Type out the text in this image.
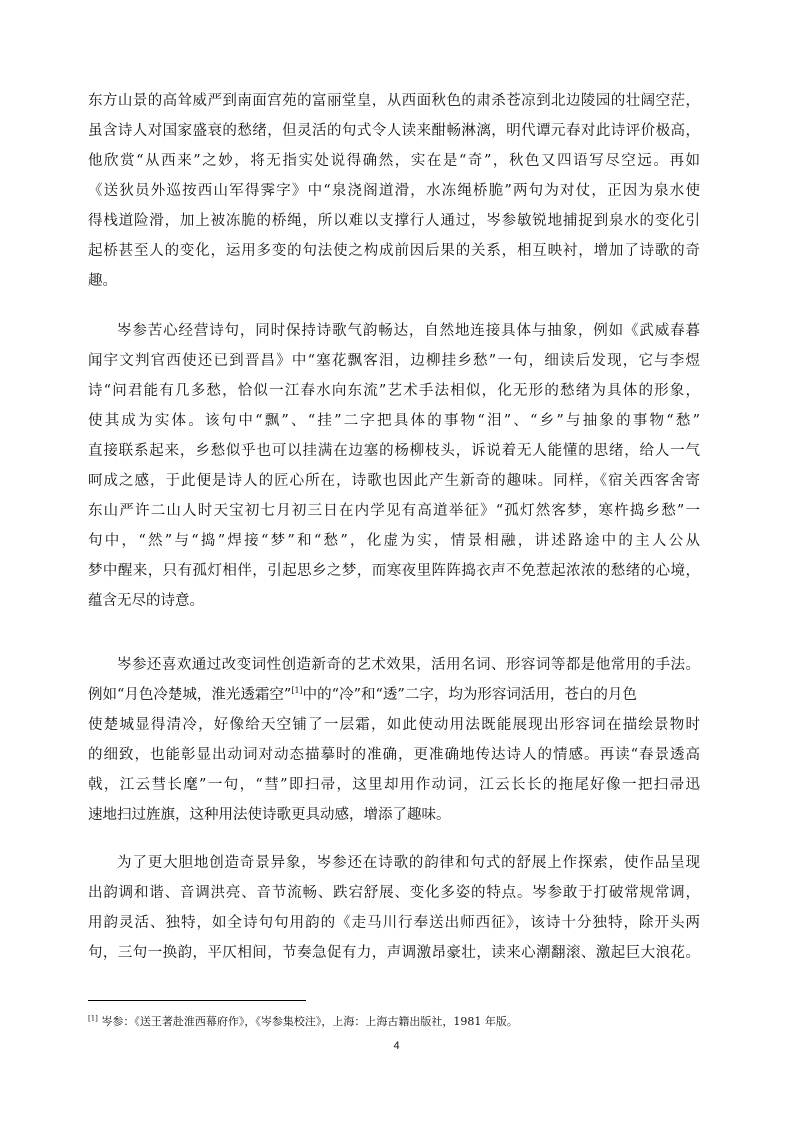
东方山景的高耸威严到南面宫苑的富丽堂皇，从西面秋色的肃杀苍凉到北边陵园的壮阔空茫，
虽含诗人对国家盛衰的愁绪，但灵活的句式令人读来酣畅淋漓，明代谭元春对此诗评价极高，
他欣赏“从西来”之妙，将无指实处说得确然，实在是“奇”，秋色又四语写尽空远。再如
《送狄员外巡按西山军得霁字》中“泉浇阁道滑，水冻绳桥脆”两句为对仗，正因为泉水使
得栈道险滑，加上被冻脆的桥绳，所以难以支撑行人通过，岑参敏锐地捕捉到泉水的变化引
起桥甚至人的变化，运用多变的句法使之构成前因后果的关系，相互映衬，增加了诗歌的奇
趣。

岑参苦心经营诗句，同时保持诗歌气韵畅达，自然地连接具体与抽象，例如《武威春暮
闻宇文判官西使还已到晋昌》中“塞花飘客泪，边柳挂乡愁”一句，细读后发现，它与李煜
诗“问君能有几多愁，恰似一江春水向东流”艺术手法相似，化无形的愁绪为具体的形象，
使其成为实体。该句中“飘”、“挂”二字把具体的事物“泪”、“乡”与抽象的事物“愁”
直接联系起来，乡愁似乎也可以挂满在边塞的杨柳枝头，诉说着无人能懂的思绪，给人一气
呵成之感，于此便是诗人的匠心所在，诗歌也因此产生新奇的趣味。同样，《宿关西客舍寄
东山严许二山人时天宝初七月初三日在内学见有高道举征》“孤灯然客梦，寒杵捣乡愁”一
句中，“然”与“捣”焊接“梦”和“愁”，化虚为实，情景相融，讲述路途中的主人公从
梦中醒来，只有孤灯相伴，引起思乡之梦，而寒夜里阵阵捣衣声不免惹起浓浓的愁绪的心境，
蕴含无尽的诗意。

岑参还喜欢通过改变词性创造新奇的艺术效果，活用名词、形容词等都是他常用的手法。
例如“月色冷楚城，淮光透霜空”[1]中的“冷”和“透”二字，均为形容词活用，苍白的月色
使楚城显得清冷，好像给天空铺了一层霜，如此使动用法既能展现出形容词在描绘景物时
的细致，也能彰显出动词对动态描摹时的准确，更准确地传达诗人的情感。再读“春景透高
戟，江云彗长麾”一句，“彗”即扫帚，这里却用作动词，江云长长的拖尾好像一把扫帚迅
速地扫过旌旗，这种用法使诗歌更具动感，增添了趣味。

为了更大胆地创造奇景异象，岑参还在诗歌的韵律和句式的舒展上作探索，使作品呈现
出韵调和谐、音调洪亮、音节流畅、跌宕舒展、变化多姿的特点。岑参敢于打破常规常调，
用韵灵活、独特，如全诗句句用韵的《走马川行奉送出师西征》，该诗十分独特，除开头两
句，三句一换韵，平仄相间，节奏急促有力，声调激昂豪壮，读来心潮翻滚、激起巨大浪花。

[1] 岑参：《送王著赴淮西幕府作》，《岑参集校注》，上海：上海古籍出版社，1981 年版。
4
